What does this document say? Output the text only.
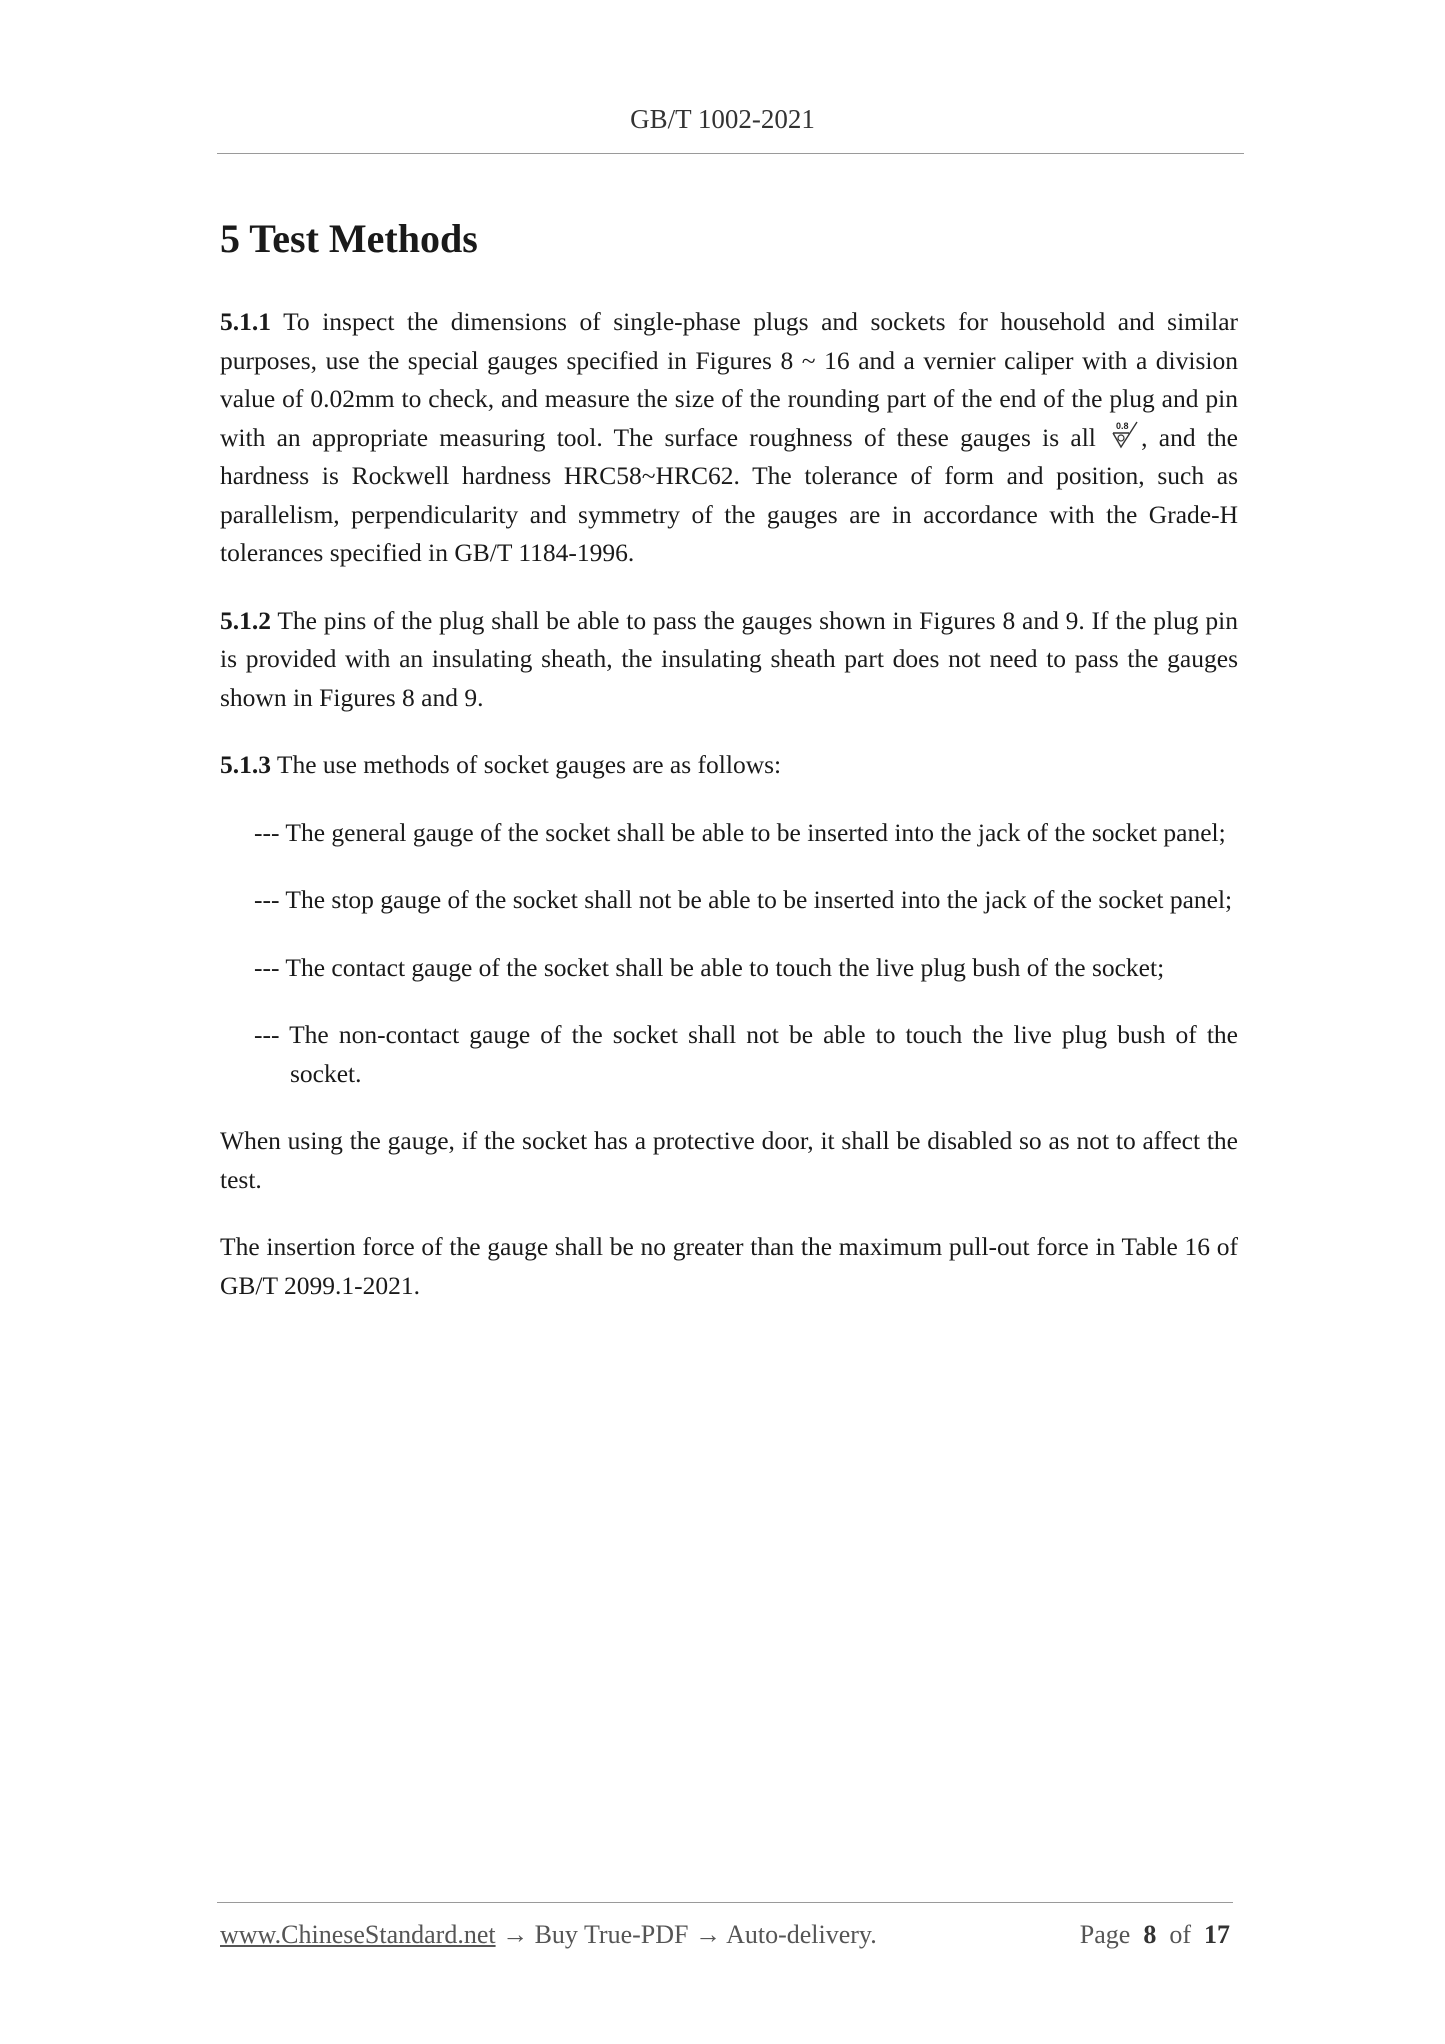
GB/T 1002-2021
5 Test Methods

5.1.1 To inspect the dimensions of single-phase plugs and sockets for household and similar purposes, use the special gauges specified in Figures 8 ~ 16 and a vernier caliper with a division value of 0.02mm to check, and measure the size of the rounding part of the end of the plug and pin with an appropriate measuring tool. The surface roughness of these gauges is all 0.8 , and the hardness is Rockwell hardness HRC58~HRC62. The tolerance of form and position, such as parallelism, perpendicularity and symmetry of the gauges are in accordance with the Grade-H tolerances specified in GB/T 1184-1996.

5.1.2 The pins of the plug shall be able to pass the gauges shown in Figures 8 and 9. If the plug pin is provided with an insulating sheath, the insulating sheath part does not need to pass the gauges shown in Figures 8 and 9.

5.1.3 The use methods of socket gauges are as follows:

--- The general gauge of the socket shall be able to be inserted into the jack of the socket panel;
--- The stop gauge of the socket shall not be able to be inserted into the jack of the socket panel;
--- The contact gauge of the socket shall be able to touch the live plug bush of the socket;
--- The non-contact gauge of the socket shall not be able to touch the live plug bush of the socket.

When using the gauge, if the socket has a protective door, it shall be disabled so as not to affect the test.

The insertion force of the gauge shall be no greater than the maximum pull-out force in Table 16 of GB/T 2099.1-2021.

www.ChineseStandard.net → Buy True-PDF → Auto-delivery.	Page 8 of 17
